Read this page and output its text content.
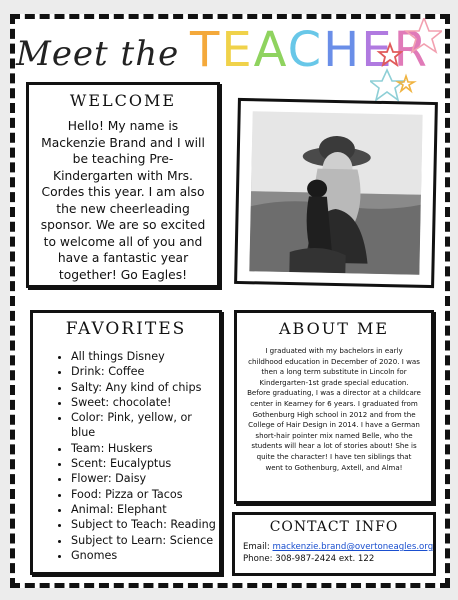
Meet the TEACHER
WELCOME

Hello! My name is Mackenzie Brand and I will be teaching Pre-Kindergarten with Mrs. Cordes this year. I am also the new cheerleading sponsor. We are so excited to welcome all of you and have a fantastic year together! Go Eagles!

FAVORITES
• All things Disney
• Drink: Coffee
• Salty: Any kind of chips
• Sweet: chocolate!
• Color: Pink, yellow, or blue
• Team: Huskers
• Scent: Eucalyptus
• Flower: Daisy
• Food: Pizza or Tacos
• Animal: Elephant
• Subject to Teach: Reading
• Subject to Learn: Science
• Gnomes
ABOUT ME

I graduated with my bachelors in early childhood education in December of 2020. I was then a long term substitute in Lincoln for Kindergarten-1st grade special education. Before graduating, I was a director at a childcare center in Kearney for 6 years. I graduated from Gothenburg High school in 2012 and from the College of Hair Design in 2014. I have a German short-hair pointer mix named Belle, who the students will hear a lot of stories about! She is quite the character! I have ten siblings that went to Gothenburg, Axtell, and Alma!

CONTACT INFO
Email: mackenzie.brand@overtoneagles.org
Phone: 308-987-2424 ext. 122
